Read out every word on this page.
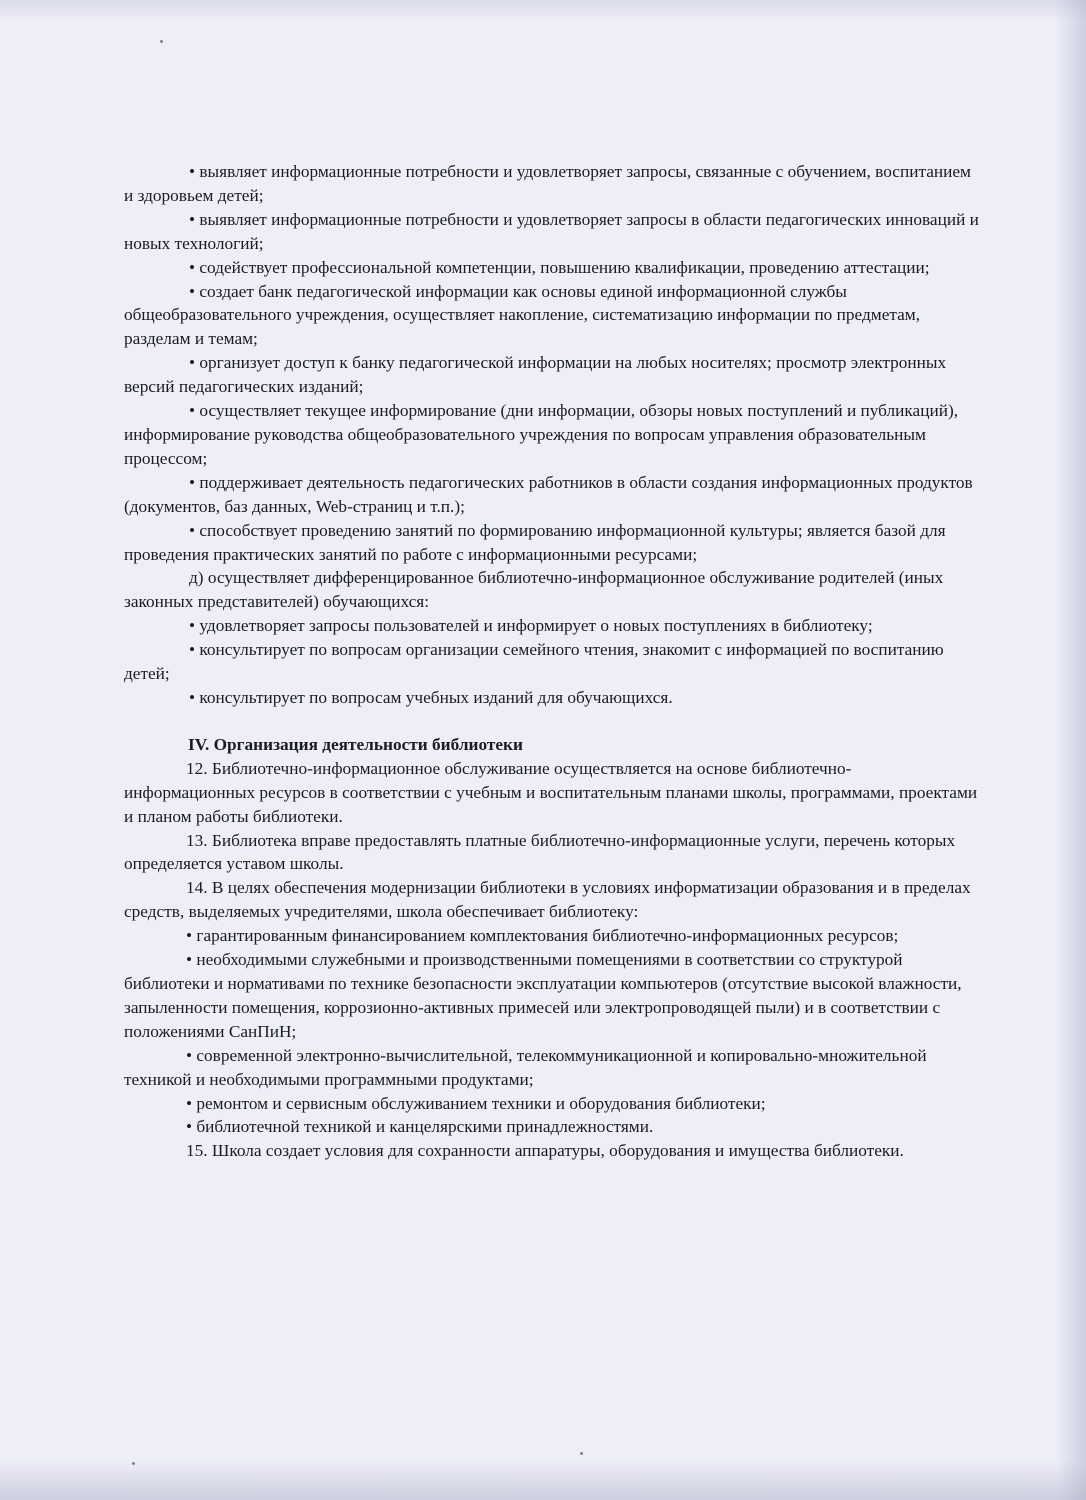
• выявляет информационные потребности и удовлетворяет запросы, связанные с обучением, воспитанием и здоровьем детей;

• выявляет информационные потребности и удовлетворяет запросы в области педагогических инноваций и новых технологий;

• содействует профессиональной компетенции, повышению квалификации, проведению аттестации;

• создает банк педагогической информации как основы единой информационной службы общеобразовательного учреждения, осуществляет накопление, систематизацию информации по предметам, разделам и темам;

• организует доступ к банку педагогической информации на любых носителях; просмотр электронных версий педагогических изданий;

• осуществляет текущее информирование (дни информации, обзоры новых поступлений и публикаций), информирование руководства общеобразовательного учреждения по вопросам управления образовательным процессом;

• поддерживает деятельность педагогических работников в области создания информационных продуктов (документов, баз данных, Web-страниц и т.п.);

• способствует проведению занятий по формированию информационной культуры; является базой для проведения практических занятий по работе с информационными ресурсами;

д) осуществляет дифференцированное библиотечно-информационное обслуживание родителей (иных законных представителей) обучающихся:

• удовлетворяет запросы пользователей и информирует о новых поступлениях в библиотеку;

• консультирует по вопросам организации семейного чтения, знакомит с информацией по воспитанию детей;

• консультирует по вопросам учебных изданий для обучающихся.

IV. Организация деятельности библиотеки

12. Библиотечно-информационное обслуживание осуществляется на основе библиотечно-информационных ресурсов в соответствии с учебным и воспитательным планами школы, программами, проектами и планом работы библиотеки.

13. Библиотека вправе предоставлять платные библиотечно-информационные услуги, перечень которых определяется уставом школы.

14. В целях обеспечения модернизации библиотеки в условиях информатизации образования и в пределах средств, выделяемых учредителями, школа обеспечивает библиотеку:

• гарантированным финансированием комплектования библиотечно-информационных ресурсов;

• необходимыми служебными и производственными помещениями в соответствии со структурой библиотеки и нормативами по технике безопасности эксплуатации компьютеров (отсутствие высокой влажности, запыленности помещения, коррозионно-активных примесей или электропроводящей пыли) и в соответствии с положениями СанПиН;

• современной электронно-вычислительной, телекоммуникационной и копировально-множительной техникой и необходимыми программными продуктами;

• ремонтом и сервисным обслуживанием техники и оборудования библиотеки;

• библиотечной техникой и канцелярскими принадлежностями.

15. Школа создает условия для сохранности аппаратуры, оборудования и имущества библиотеки.
